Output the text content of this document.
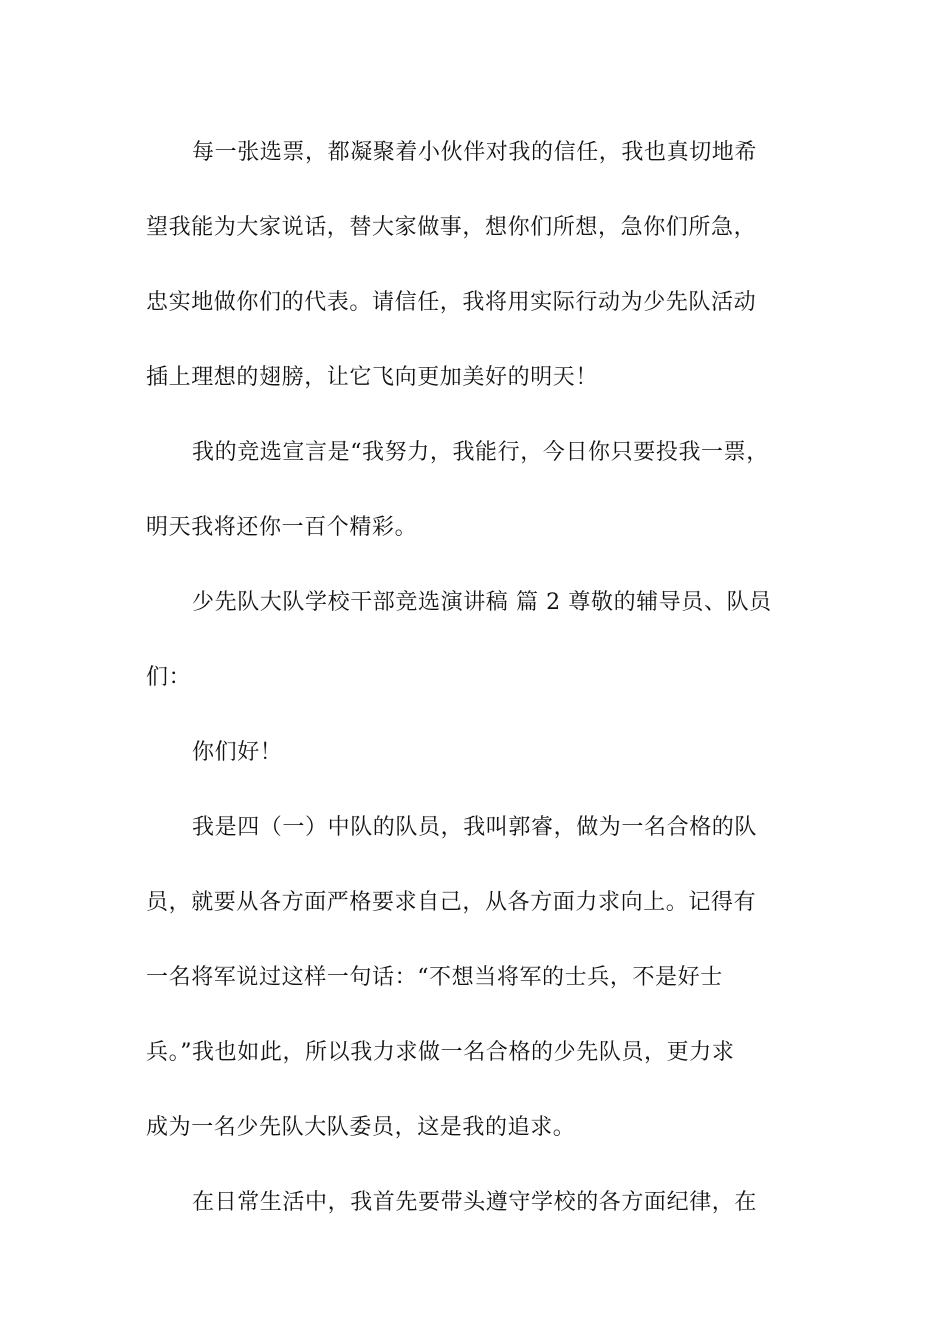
每一张选票，都凝聚着小伙伴对我的信任，我也真切地希
望我能为大家说话，替大家做事，想你们所想，急你们所急，
忠实地做你们的代表。请信任，我将用实际行动为少先队活动
插上理想的翅膀，让它飞向更加美好的明天！
我的竞选宣言是“我努力，我能行，今日你只要投我一票，
明天我将还你一百个精彩。
少先队大队学校干部竞选演讲稿 篇 2 尊敬的辅导员、队员
们：
你们好！
我是四（一）中队的队员，我叫郭睿，做为一名合格的队
员，就要从各方面严格要求自己，从各方面力求向上。记得有
一名将军说过这样一句话：“不想当将军的士兵，不是好士
兵。”我也如此，所以我力求做一名合格的少先队员，更力求
成为一名少先队大队委员，这是我的追求。
在日常生活中，我首先要带头遵守学校的各方面纪律，在
